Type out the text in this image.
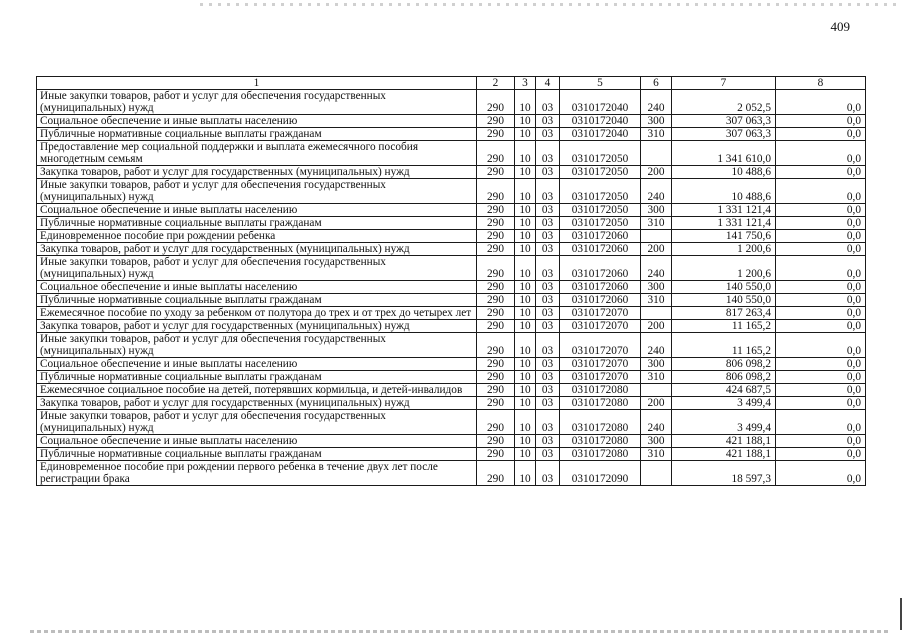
409
1	2	3	4	5	6	7	8
Иные закупки товаров, работ и услуг для обеспечения государственных (муниципальных) нужд	290	10	03	0310172040	240	2 052,5	0,0
Социальное обеспечение и иные выплаты населению	290	10	03	0310172040	300	307 063,3	0,0
Публичные нормативные социальные выплаты гражданам	290	10	03	0310172040	310	307 063,3	0,0
Предоставление мер социальной поддержки и выплата ежемесячного пособия многодетным семьям	290	10	03	0310172050		1 341 610,0	0,0
Закупка товаров, работ и услуг для государственных (муниципальных) нужд	290	10	03	0310172050	200	10 488,6	0,0
Иные закупки товаров, работ и услуг для обеспечения государственных (муниципальных) нужд	290	10	03	0310172050	240	10 488,6	0,0
Социальное обеспечение и иные выплаты населению	290	10	03	0310172050	300	1 331 121,4	0,0
Публичные нормативные социальные выплаты гражданам	290	10	03	0310172050	310	1 331 121,4	0,0
Единовременное пособие при рождении ребенка	290	10	03	0310172060		141 750,6	0,0
Закупка товаров, работ и услуг для государственных (муниципальных) нужд	290	10	03	0310172060	200	1 200,6	0,0
Иные закупки товаров, работ и услуг для обеспечения государственных (муниципальных) нужд	290	10	03	0310172060	240	1 200,6	0,0
Социальное обеспечение и иные выплаты населению	290	10	03	0310172060	300	140 550,0	0,0
Публичные нормативные социальные выплаты гражданам	290	10	03	0310172060	310	140 550,0	0,0
Ежемесячное пособие по уходу за ребенком от полутора до трех и от трех до четырех лет	290	10	03	0310172070		817 263,4	0,0
Закупка товаров, работ и услуг для государственных (муниципальных) нужд	290	10	03	0310172070	200	11 165,2	0,0
Иные закупки товаров, работ и услуг для обеспечения государственных (муниципальных) нужд	290	10	03	0310172070	240	11 165,2	0,0
Социальное обеспечение и иные выплаты населению	290	10	03	0310172070	300	806 098,2	0,0
Публичные нормативные социальные выплаты гражданам	290	10	03	0310172070	310	806 098,2	0,0
Ежемесячное социальное пособие на детей, потерявших кормильца, и детей-инвалидов	290	10	03	0310172080		424 687,5	0,0
Закупка товаров, работ и услуг для государственных (муниципальных) нужд	290	10	03	0310172080	200	3 499,4	0,0
Иные закупки товаров, работ и услуг для обеспечения государственных (муниципальных) нужд	290	10	03	0310172080	240	3 499,4	0,0
Социальное обеспечение и иные выплаты населению	290	10	03	0310172080	300	421 188,1	0,0
Публичные нормативные социальные выплаты гражданам	290	10	03	0310172080	310	421 188,1	0,0
Единовременное пособие при рождении первого ребенка в течение двух лет после регистрации брака	290	10	03	0310172090		18 597,3	0,0
